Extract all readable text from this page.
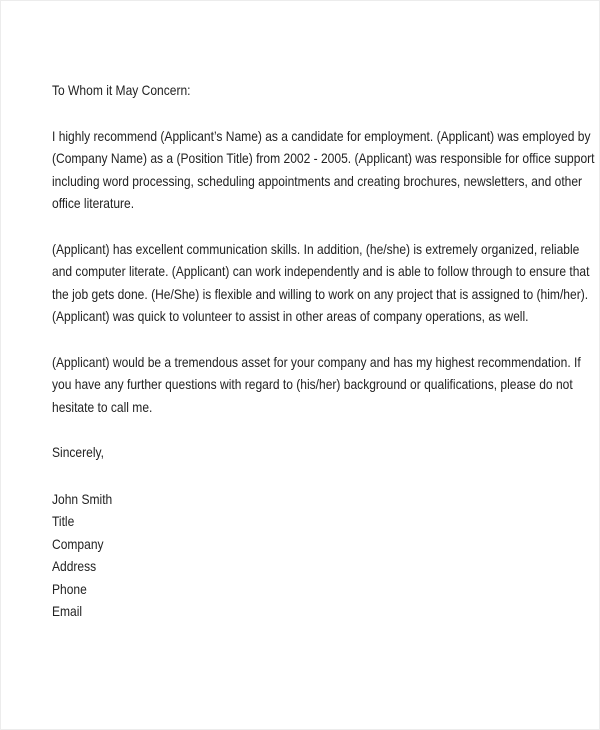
To Whom it May Concern:

I highly recommend (Applicant’s Name) as a candidate for employment. (Applicant) was employed by

(Company Name) as a (Position Title) from 2002 - 2005. (Applicant) was responsible for office support

including word processing, scheduling appointments and creating brochures, newsletters, and other

office literature.

(Applicant) has excellent communication skills. In addition, (he/she) is extremely organized, reliable

and computer literate. (Applicant) can work independently and is able to follow through to ensure that

the job gets done. (He/She) is flexible and willing to work on any project that is assigned to (him/her).

(Applicant) was quick to volunteer to assist in other areas of company operations, as well.

(Applicant) would be a tremendous asset for your company and has my highest recommendation. If

you have any further questions with regard to (his/her) background or qualifications, please do not

hesitate to call me.

Sincerely,

John Smith

Title

Company

Address

Phone

Email
